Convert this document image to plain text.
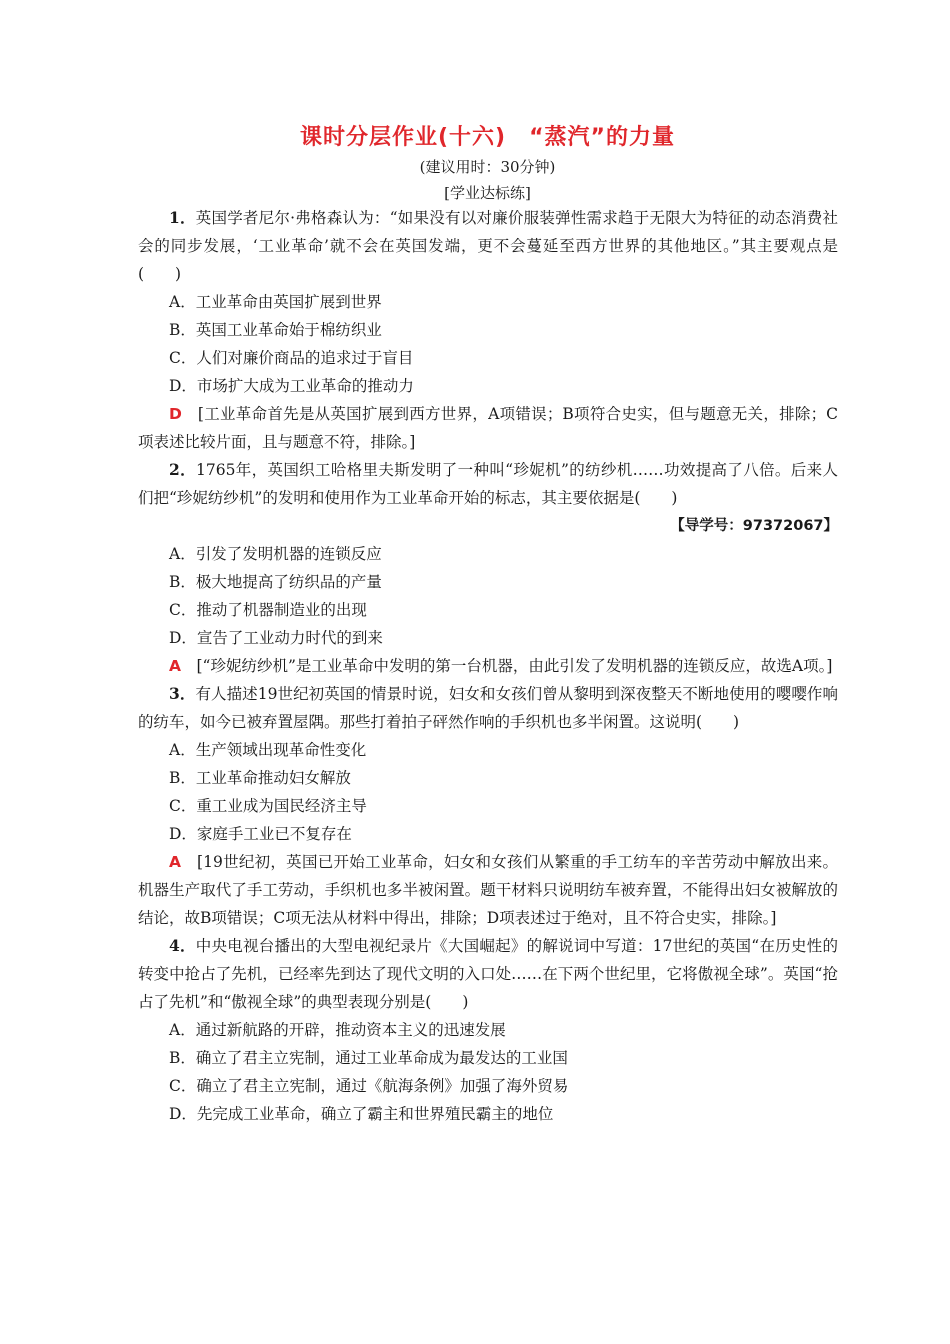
课时分层作业(十六)　“蒸汽”的力量
(建议用时：30分钟)
[学业达标练]

1．英国学者尼尔·弗格森认为：“如果没有以对廉价服装弹性需求趋于无限大为特征的动态消费社会的同步发展，‘工业革命’就不会在英国发端，更不会蔓延至西方世界的其他地区。”其主要观点是(　　)

A．工业革命由英国扩展到世界

B．英国工业革命始于棉纺织业

C．人们对廉价商品的追求过于盲目

D．市场扩大成为工业革命的推动力

D　[工业革命首先是从英国扩展到西方世界，A项错误；B项符合史实，但与题意无关，排除；C项表述比较片面，且与题意不符，排除。]

2．1765年，英国织工哈格里夫斯发明了一种叫“珍妮机”的纺纱机……功效提高了八倍。后来人们把“珍妮纺纱机”的发明和使用作为工业革命开始的标志，其主要依据是(　　)

【导学号：97372067】

A．引发了发明机器的连锁反应

B．极大地提高了纺织品的产量

C．推动了机器制造业的出现

D．宣告了工业动力时代的到来

A　[“珍妮纺纱机”是工业革命中发明的第一台机器，由此引发了发明机器的连锁反应，故选A项。]

3．有人描述19世纪初英国的情景时说，妇女和女孩们曾从黎明到深夜整天不断地使用的嘤嘤作响的纺车，如今已被弃置屋隅。那些打着拍子砰然作响的手织机也多半闲置。这说明(　　)

A．生产领域出现革命性变化

B．工业革命推动妇女解放

C．重工业成为国民经济主导

D．家庭手工业已不复存在

A　[19世纪初，英国已开始工业革命，妇女和女孩们从繁重的手工纺车的辛苦劳动中解放出来。机器生产取代了手工劳动，手织机也多半被闲置。题干材料只说明纺车被弃置，不能得出妇女被解放的结论，故B项错误；C项无法从材料中得出，排除；D项表述过于绝对，且不符合史实，排除。]

4．中央电视台播出的大型电视纪录片《大国崛起》的解说词中写道：17世纪的英国“在历史性的转变中抢占了先机，已经率先到达了现代文明的入口处……在下两个世纪里，它将傲视全球”。英国“抢占了先机”和“傲视全球”的典型表现分别是(　　)

A．通过新航路的开辟，推动资本主义的迅速发展

B．确立了君主立宪制，通过工业革命成为最发达的工业国

C．确立了君主立宪制，通过《航海条例》加强了海外贸易

D．先完成工业革命，确立了霸主和世界殖民霸主的地位
